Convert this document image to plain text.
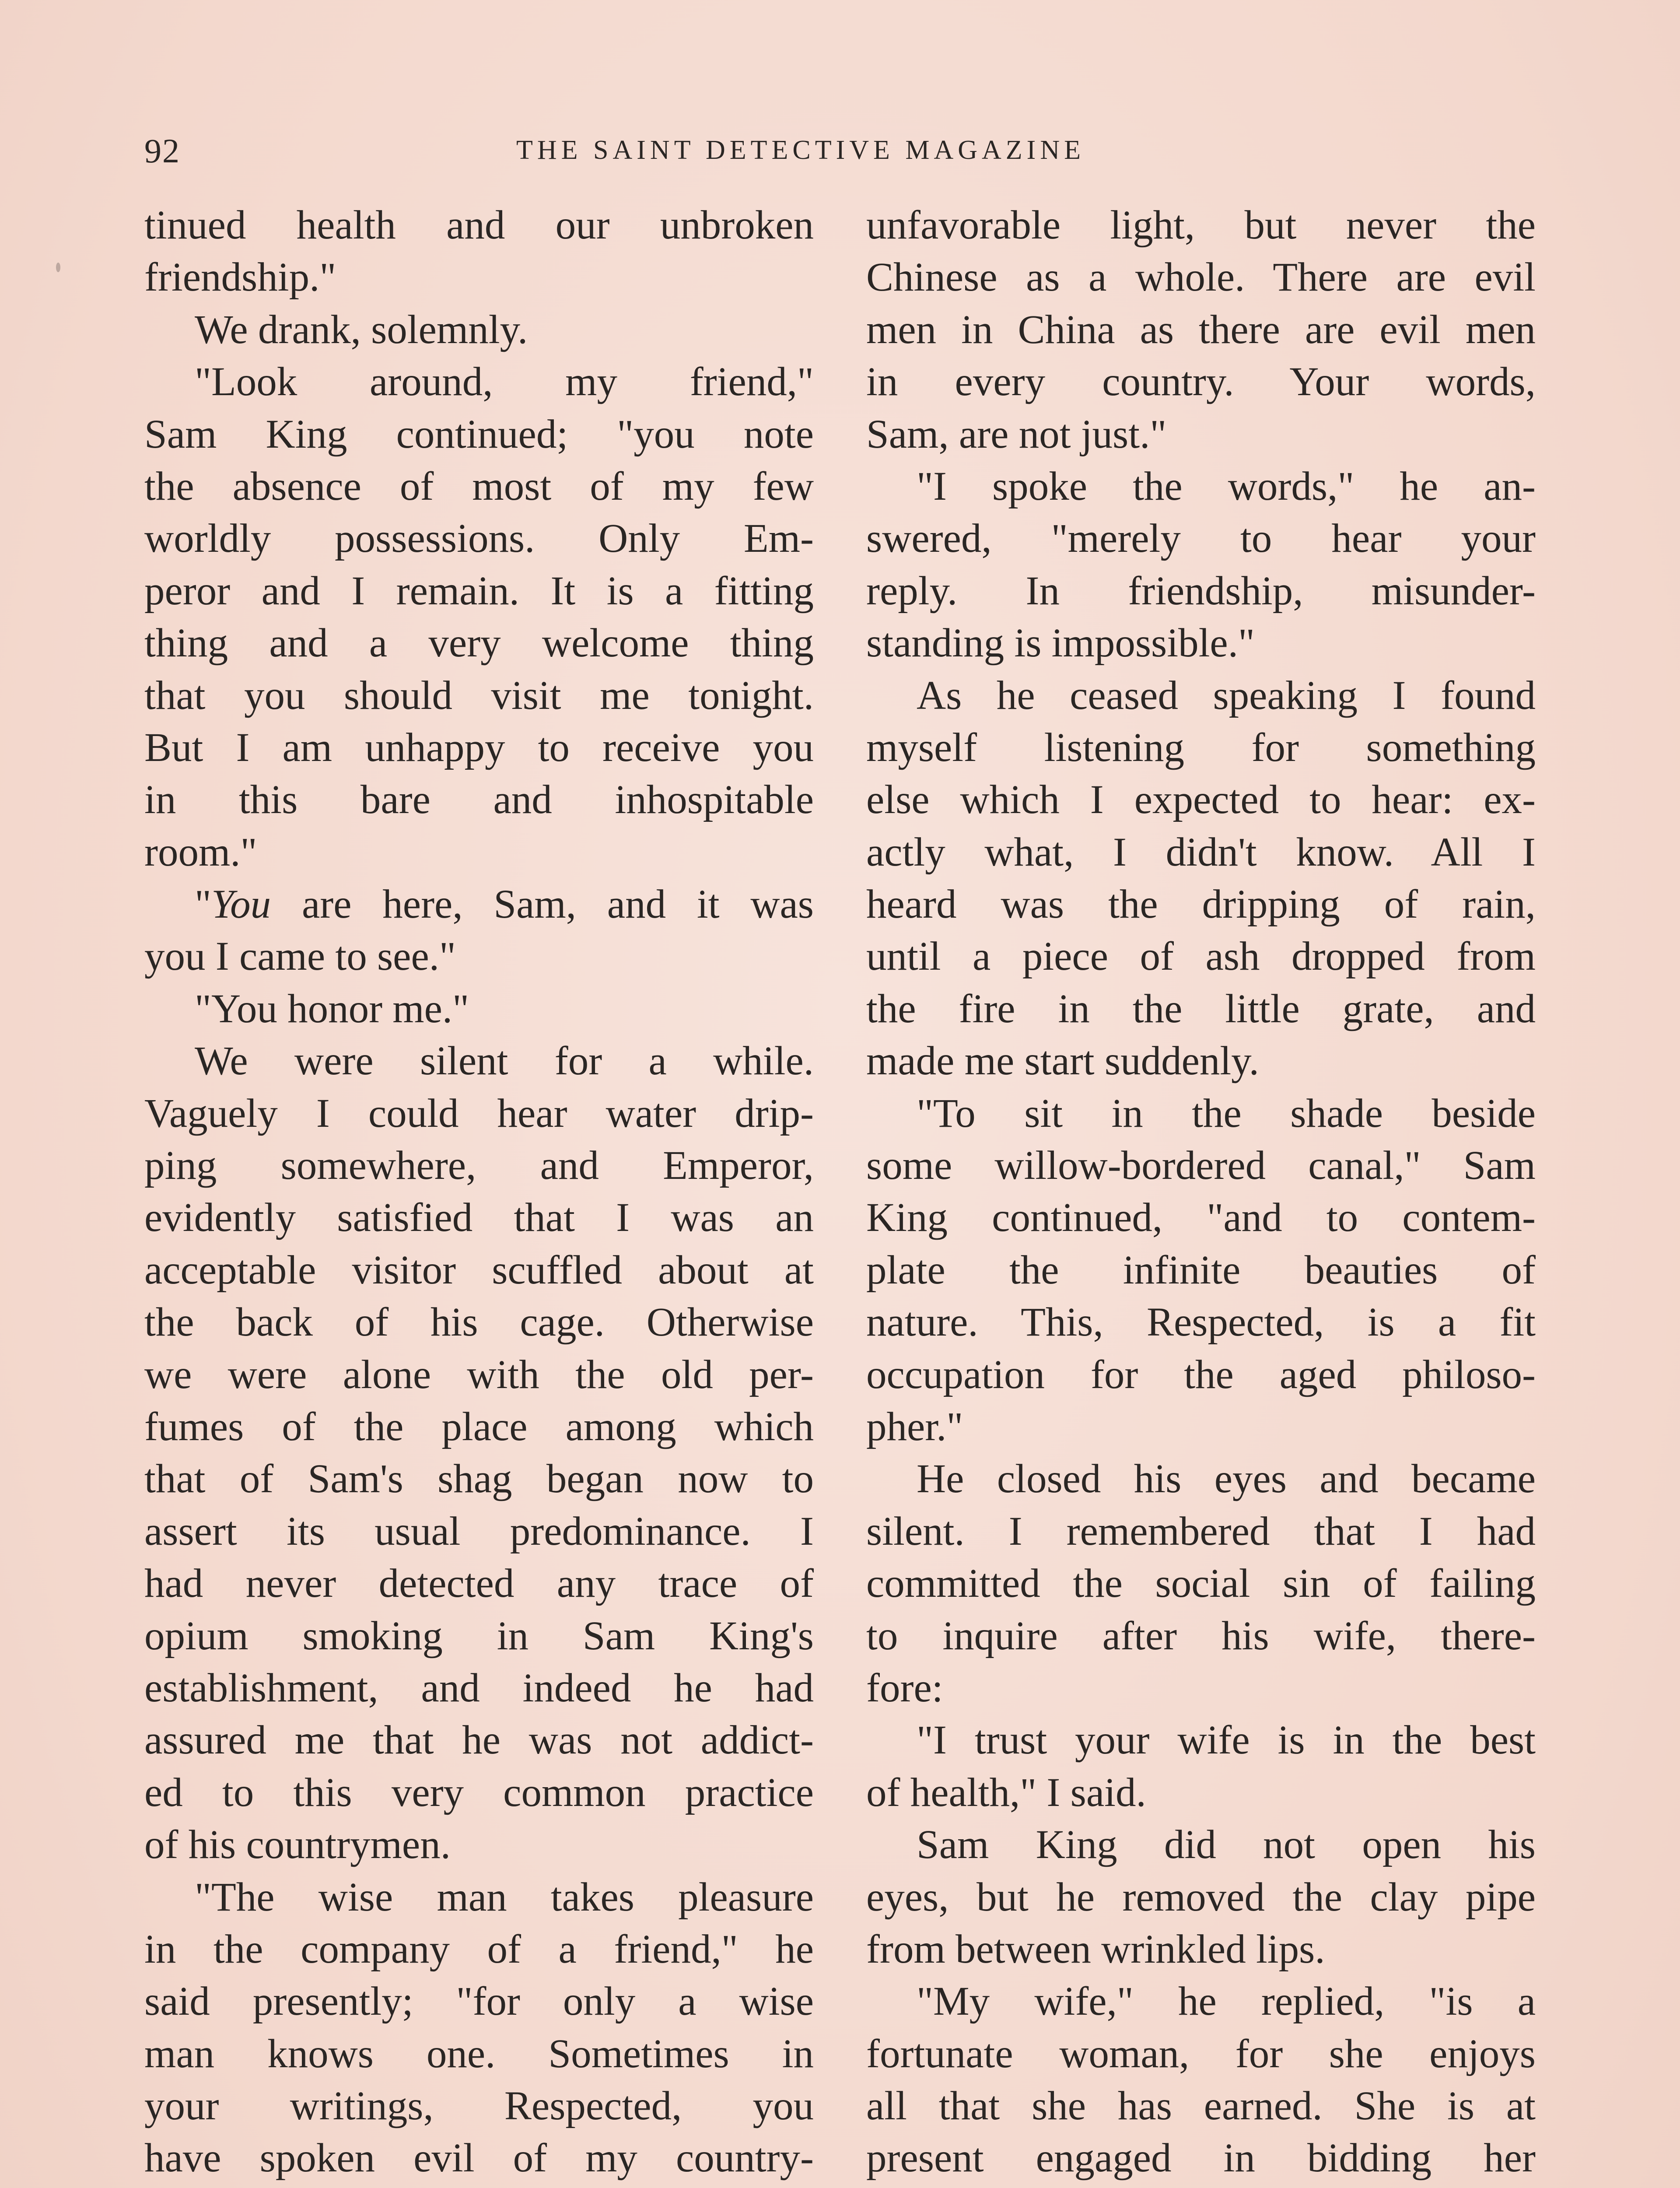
92	THE SAINT DETECTIVE MAGAZINE
tinued health and our unbroken
friendship."
We drank, solemnly.
"Look around, my friend,"
Sam King continued; "you note
the absence of most of my few
worldly possessions. Only Em-
peror and I remain. It is a fitting
thing and a very welcome thing
that you should visit me tonight.
But I am unhappy to receive you
in this bare and inhospitable
room."
"You are here, Sam, and it was
you I came to see."
"You honor me."
We were silent for a while.
Vaguely I could hear water drip-
ping somewhere, and Emperor,
evidently satisfied that I was an
acceptable visitor scuffled about at
the back of his cage. Otherwise
we were alone with the old per-
fumes of the place among which
that of Sam's shag began now to
assert its usual predominance. I
had never detected any trace of
opium smoking in Sam King's
establishment, and indeed he had
assured me that he was not addict-
ed to this very common practice
of his countrymen.
"The wise man takes pleasure
in the company of a friend," he
said presently; "for only a wise
man knows one. Sometimes in
your writings, Respected, you
have spoken evil of my country-
unfavorable light, but never the
Chinese as a whole. There are evil
men in China as there are evil men
in every country. Your words,
Sam, are not just."
"I spoke the words," he an-
swered, "merely to hear your
reply. In friendship, misunder-
standing is impossible."
As he ceased speaking I found
myself listening for something
else which I expected to hear: ex-
actly what, I didn't know. All I
heard was the dripping of rain,
until a piece of ash dropped from
the fire in the little grate, and
made me start suddenly.
"To sit in the shade beside
some willow-bordered canal," Sam
King continued, "and to contem-
plate the infinite beauties of
nature. This, Respected, is a fit
occupation for the aged philoso-
pher."
He closed his eyes and became
silent. I remembered that I had
committed the social sin of failing
to inquire after his wife, there-
fore:
"I trust your wife is in the best
of health," I said.
Sam King did not open his
eyes, but he removed the clay pipe
from between wrinkled lips.
"My wife," he replied, "is a
fortunate woman, for she enjoys
all that she has earned. She is at
present engaged in bidding her
